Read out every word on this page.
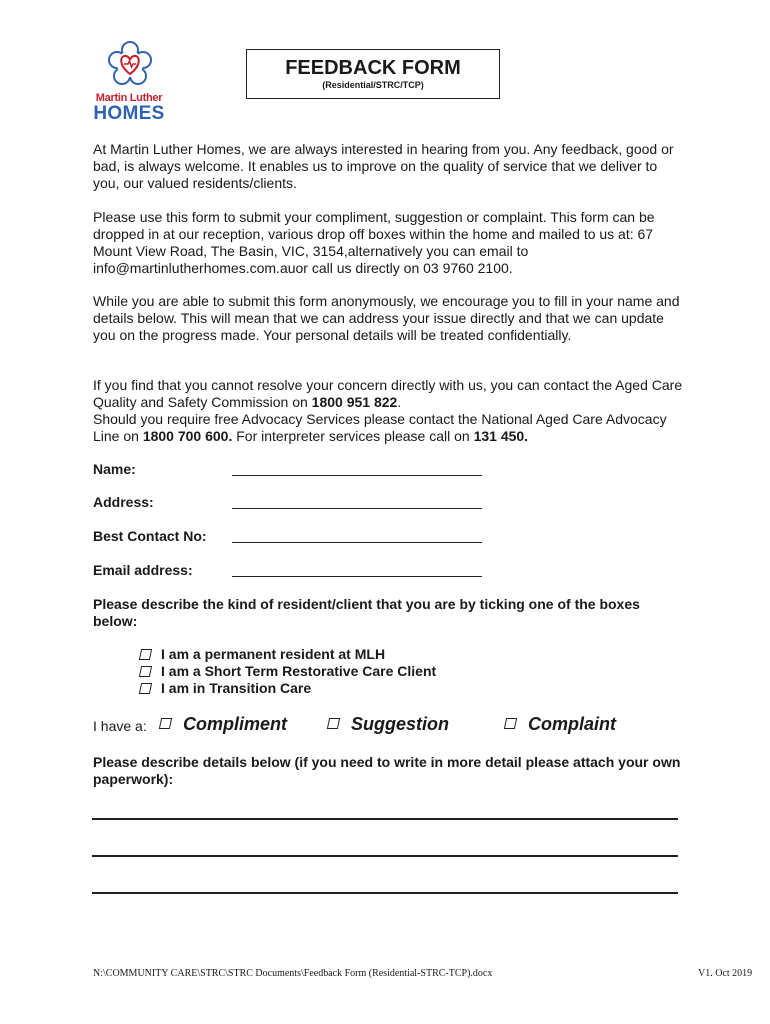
Martin Luther
HOMES
FEEDBACK FORM
(Residential/STRC/TCP)

At Martin Luther Homes, we are always interested in hearing from you. Any feedback, good or bad, is always welcome. It enables us to improve on the quality of service that we deliver to you, our valued residents/clients.

Please use this form to submit your compliment, suggestion or complaint. This form can be dropped in at our reception, various drop off boxes within the home and mailed to us at: 67 Mount View Road, The Basin, VIC, 3154,alternatively you can email to info@martinlutherhomes.com.auor call us directly on 03 9760 2100.

While you are able to submit this form anonymously, we encourage you to fill in your name and details below. This will mean that we can address your issue directly and that we can update you on the progress made. Your personal details will be treated confidentially.

If you find that you cannot resolve your concern directly with us, you can contact the Aged Care Quality and Safety Commission on 1800 951 822.
Should you require free Advocacy Services please contact the National Aged Care Advocacy Line on 1800 700 600. For interpreter services please call on 131 450.

Name:
Address:
Best Contact No:
Email address:

Please describe the kind of resident/client that you are by ticking one of the boxes below:

I am a permanent resident at MLH
I am a Short Term Restorative Care Client
I am in Transition Care
I have a:	Compliment	Suggestion	Complaint

Please describe details below (if you need to write in more detail please attach your own paperwork):

N:\COMMUNITY CARE\STRC\STRC Documents\Feedback Form (Residential-STRC-TCP).docx	V1. Oct 2019
